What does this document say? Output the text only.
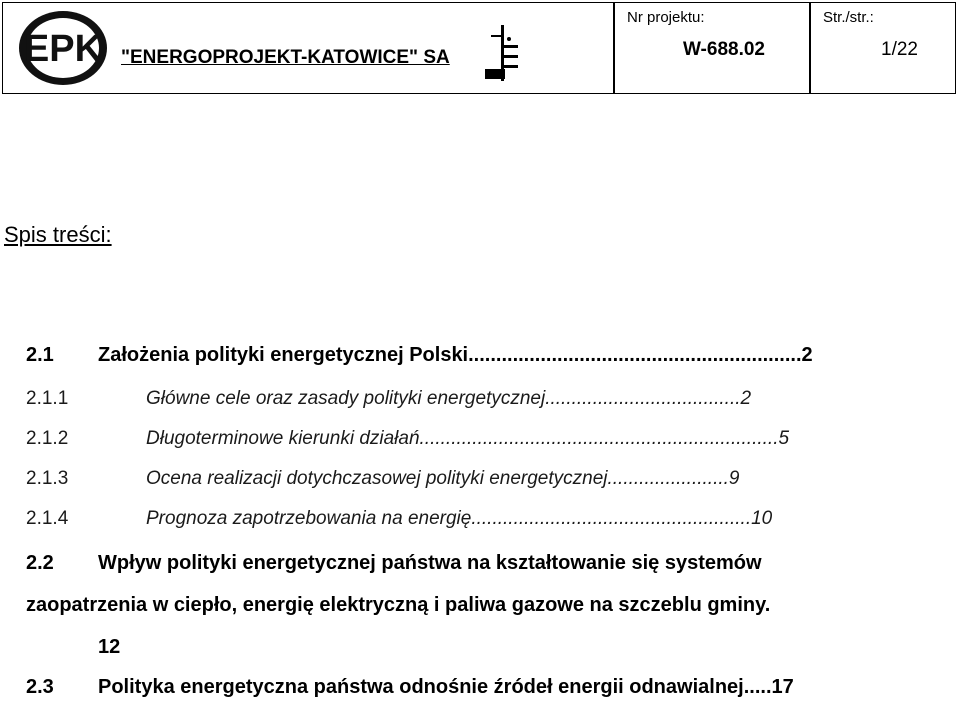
EPK "ENERGOPROJEKT-KATOWICE" SA
Nr projektu:
W-688.02
Str./str.:
1/22
Spis treści:
2.1 Założenia polityki energetycznej Polski............................................................2
2.1.1	Główne cele oraz zasady polityki energetycznej.....................................2
2.1.2	Długoterminowe kierunki działań....................................................................5
2.1.3	Ocena realizacji dotychczasowej polityki energetycznej.......................9
2.1.4	Prognoza zapotrzebowania na energię.....................................................10
2.2 Wpływ polityki energetycznej państwa na kształtowanie się systemów
zaopatrzenia w ciepło, energię elektryczną i paliwa gazowe na szczeblu gminy.
12
2.3 Polityka energetyczna państwa odnośnie źródeł energii odnawialnej.....17
